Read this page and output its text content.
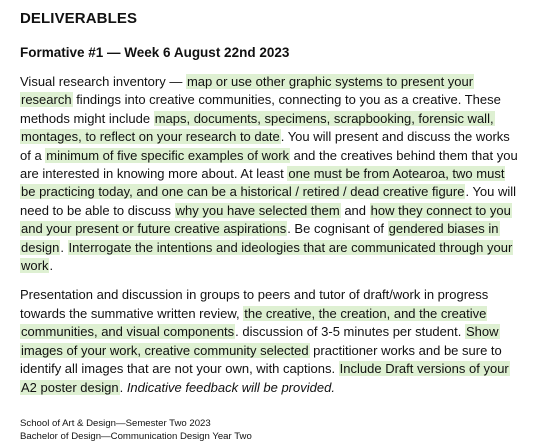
DELIVERABLES
Formative #1 — Week 6 August 22nd 2023

Visual research inventory — map or use other graphic systems to present your research findings into creative communities, connecting to you as a creative. These methods might include maps, documents, specimens, scrapbooking, forensic wall, montages, to reflect on your research to date. You will present and discuss the works of a minimum of five specific examples of work and the creatives behind them that you are interested in knowing more about. At least one must be from Aotearoa, two must be practicing today, and one can be a historical / retired / dead creative figure. You will need to be able to discuss why you have selected them and how they connect to you and your present or future creative aspirations. Be cognisant of gendered biases in design. Interrogate the intentions and ideologies that are communicated through your work.

Presentation and discussion in groups to peers and tutor of draft/work in progress towards the summative written review, the creative, the creation, and the creative communities, and visual components. discussion of 3-5 minutes per student. Show images of your work, creative community selected practitioner works and be sure to identify all images that are not your own, with captions. Include Draft versions of your A2 poster design. Indicative feedback will be provided.

School of Art & Design—Semester Two 2023
Bachelor of Design—Communication Design Year Two
